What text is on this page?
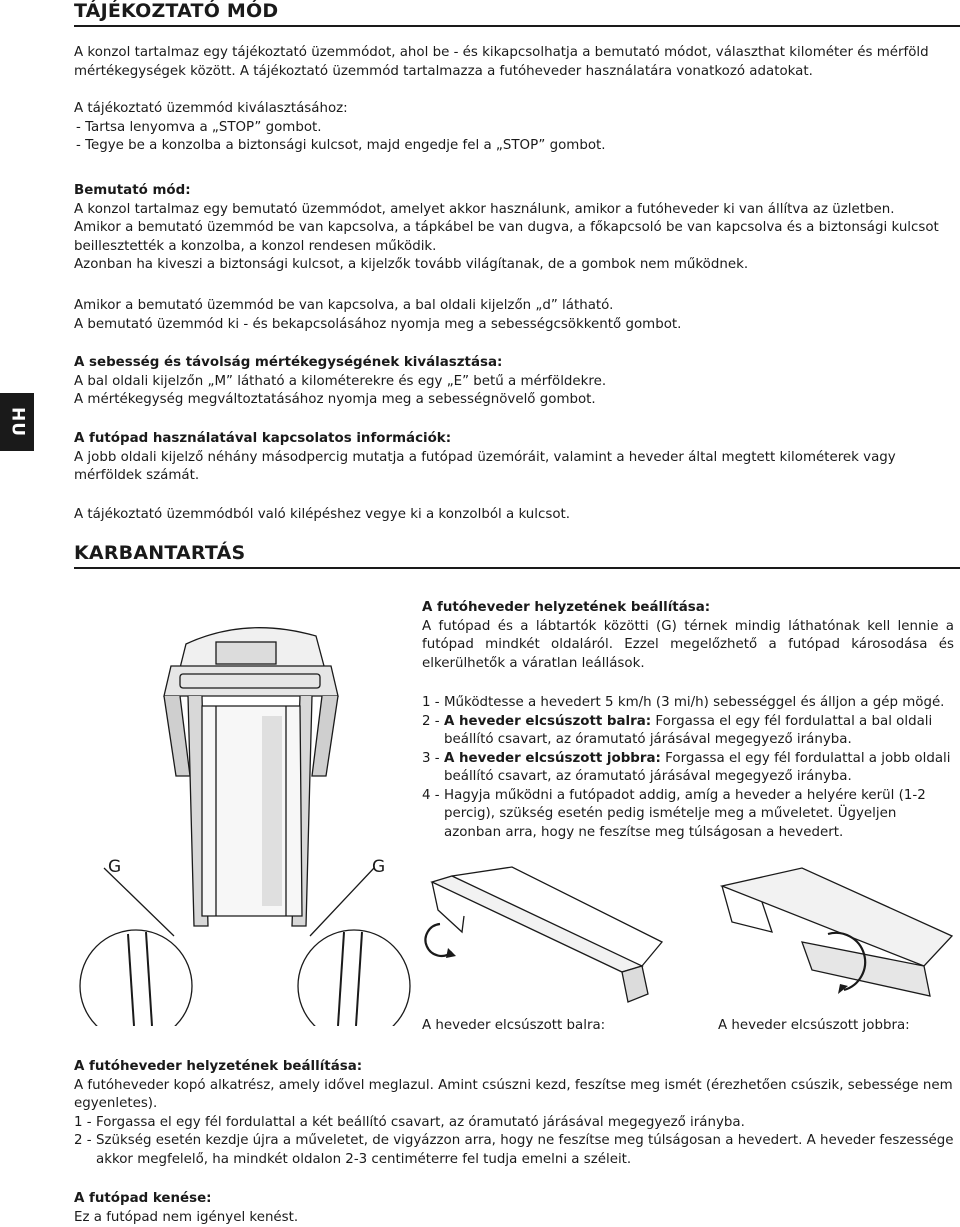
HU
TÁJÉKOZTATÓ MÓD

A konzol tartalmaz egy tájékoztató üzemmódot, ahol be - és kikapcsolhatja a bemutató módot, választhat kilométer és mérföld mértékegységek között. A tájékoztató üzemmód tartalmazza a futóheveder használatára vonatkozó adatokat.

A tájékoztató üzemmód kiválasztásához:

- Tartsa lenyomva a „STOP” gombot.

- Tegye be a konzolba a biztonsági kulcsot, majd engedje fel a „STOP” gombot.

Bemutató mód:

A konzol tartalmaz egy bemutató üzemmódot, amelyet akkor használunk, amikor a futóheveder ki van állítva az üzletben.

Amikor a bemutató üzemmód be van kapcsolva, a tápkábel be van dugva, a főkapcsoló be van kapcsolva és a biztonsági kulcsot beillesztették a konzolba, a konzol rendesen működik.

Azonban ha kiveszi a biztonsági kulcsot, a kijelzők tovább világítanak, de a gombok nem működnek.

Amikor a bemutató üzemmód be van kapcsolva, a bal oldali kijelzőn „d” látható.

A bemutató üzemmód ki - és bekapcsolásához nyomja meg a sebességcsökkentő gombot.

A sebesség és távolság mértékegységének kiválasztása:

A bal oldali kijelzőn „M” látható a kilométerekre és egy „E” betű a mérföldekre.

A mértékegység megváltoztatásához nyomja meg a sebességnövelő gombot.

A futópad használatával kapcsolatos információk:

A jobb oldali kijelző néhány másodpercig mutatja a futópad üzemóráit, valamint a heveder által megtett kilométerek vagy mérföldek számát.

A tájékoztató üzemmódból való kilépéshez vegye ki a konzolból a kulcsot.

KARBANTARTÁS

A futóheveder helyzetének beállítása:

A futópad és a lábtartók közötti (G) térnek mindig láthatónak kell lennie a futópad mindkét oldaláról. Ezzel megelőzhető a futópad károsodása és elkerülhetők a váratlan leállások.

1 - Működtesse a hevedert 5 km/h (3 mi/h) sebességgel és álljon a gép mögé.
2 - A heveder elcsúszott balra: Forgassa el egy fél fordulattal a bal oldali beállító csavart, az óramutató járásával megegyező irányba.
3 - A heveder elcsúszott jobbra: Forgassa el egy fél fordulattal a jobb oldali beállító csavart, az óramutató járásával megegyező irányba.
4 - Hagyja működni a futópadot addig, amíg a heveder a helyére kerül (1-2 percig), szükség esetén pedig ismételje meg a műveletet. Ügyeljen azonban arra, hogy ne feszítse meg túlságosan a hevedert.
G	G
A heveder elcsúszott balra:	A heveder elcsúszott jobbra:

A futóheveder helyzetének beállítása:

A futóheveder kopó alkatrész, amely idővel meglazul. Amint csúszni kezd, feszítse meg ismét (érezhetően csúszik, sebessége nem egyenletes).

1 - Forgassa el egy fél fordulattal a két beállító csavart, az óramutató járásával megegyező irányba.
2 - Szükség esetén kezdje újra a műveletet, de vigyázzon arra, hogy ne feszítse meg túlságosan a hevedert. A heveder feszessége akkor megfelelő, ha mindkét oldalon 2-3 centiméterre fel tudja emelni a széleit.

A futópad kenése:

Ez a futópad nem igényel kenést.
